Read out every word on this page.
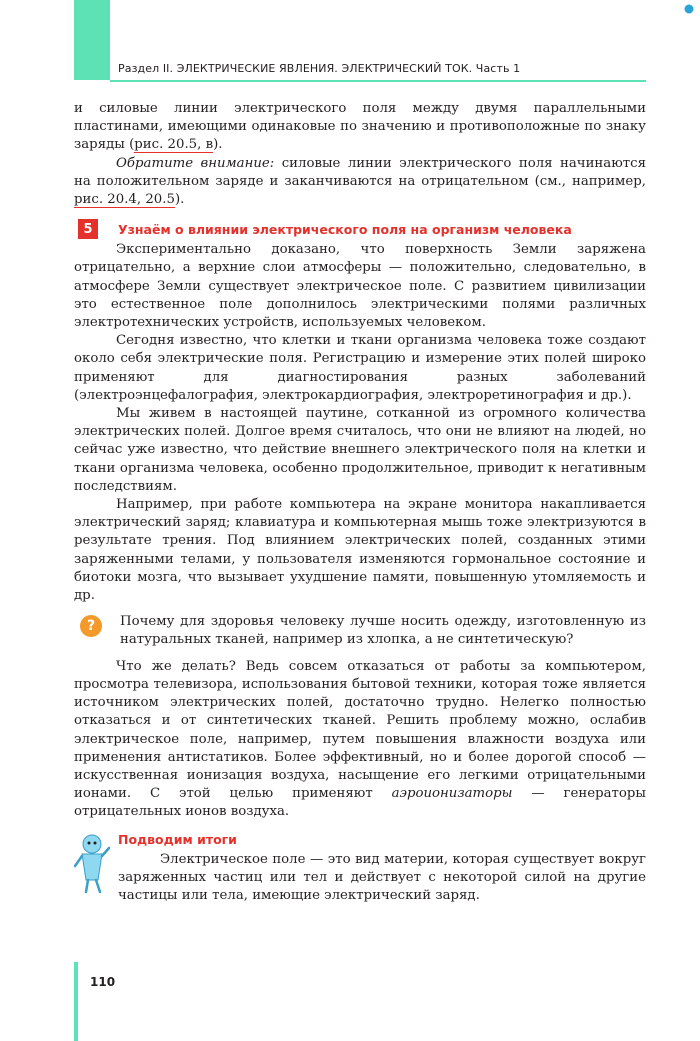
Раздел II. ЭЛЕКТРИЧЕСКИЕ ЯВЛЕНИЯ. ЭЛЕКТРИЧЕСКИЙ ТОК. Часть 1

и силовые линии электрического поля между двумя параллельными пластинами, имеющими одинаковые по значению и противоположные по знаку заряды (рис. 20.5, в).

Обратите внимание: силовые линии электрического поля начинаются на положительном заряде и заканчиваются на отрицательном (см., например, рис. 20.4, 20.5).

5	Узнаём о влиянии электрического поля на организм человека

Экспериментально доказано, что поверхность Земли заряжена отрицательно, а верхние слои атмосферы — положительно, следовательно, в атмосфере Земли существует электрическое поле. С развитием цивилизации это естественное поле дополнилось электрическими полями различных электротехнических устройств, используемых человеком.

Сегодня известно, что клетки и ткани организма человека тоже создают около себя электрические поля. Регистрацию и измерение этих полей широко применяют для диагностирования разных заболеваний (электроэнцефалография, электрокардиография, электроретинография и др.).

Мы живем в настоящей паутине, сотканной из огромного количества электрических полей. Долгое время считалось, что они не влияют на людей, но сейчас уже известно, что действие внешнего электрического поля на клетки и ткани организма человека, особенно продолжительное, приводит к негативным последствиям.

Например, при работе компьютера на экране монитора накапливается электрический заряд; клавиатура и компьютерная мышь тоже электризуются в результате трения. Под влиянием электрических полей, созданных этими заряженными телами, у пользователя изменяются гормональное состояние и биотоки мозга, что вызывает ухудшение памяти, повышенную утомляемость и др.

?	Почему для здоровья человеку лучше носить одежду, изготовленную из натуральных тканей, например из хлопка, а не синтетическую?

Что же делать? Ведь совсем отказаться от работы за компьютером, просмотра телевизора, использования бытовой техники, которая тоже является источником электрических полей, достаточно трудно. Нелегко полностью отказаться и от синтетических тканей. Решить проблему можно, ослабив электрическое поле, например, путем повышения влажности воздуха или применения антистатиков. Более эффективный, но и более дорогой способ — искусственная ионизация воздуха, насыщение его легкими отрицательными ионами. С этой целью применяют аэроионизаторы — генераторы отрицательных ионов воздуха.

Подводим итоги

Электрическое поле — это вид материи, которая существует вокруг заряженных частиц или тел и действует с некоторой силой на другие частицы или тела, имеющие электрический заряд.

110
